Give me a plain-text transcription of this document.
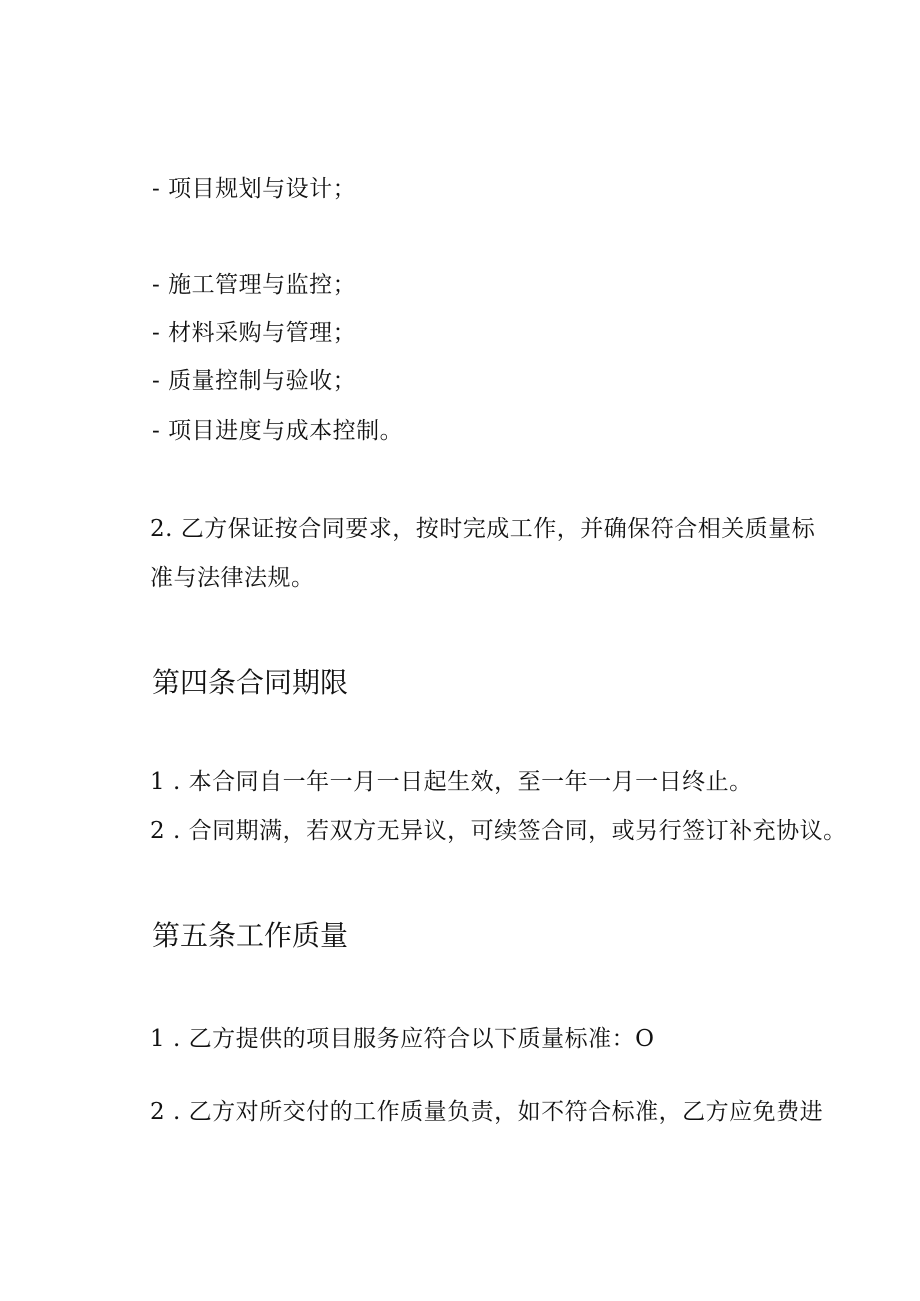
- 项目规划与设计；
- 施工管理与监控；
- 材料采购与管理；
- 质量控制与验收；
- 项目进度与成本控制。
2. 乙方保证按合同要求，按时完成工作，并确保符合相关质量标
准与法律法规。
第四条合同期限
1 . 本合同自一年一月一日起生效，至一年一月一日终止。
2 . 合同期满，若双方无异议，可续签合同，或另行签订补充协议。
第五条工作质量
1 . 乙方提供的项目服务应符合以下质量标准：O
2 . 乙方对所交付的工作质量负责，如不符合标准，乙方应免费进
